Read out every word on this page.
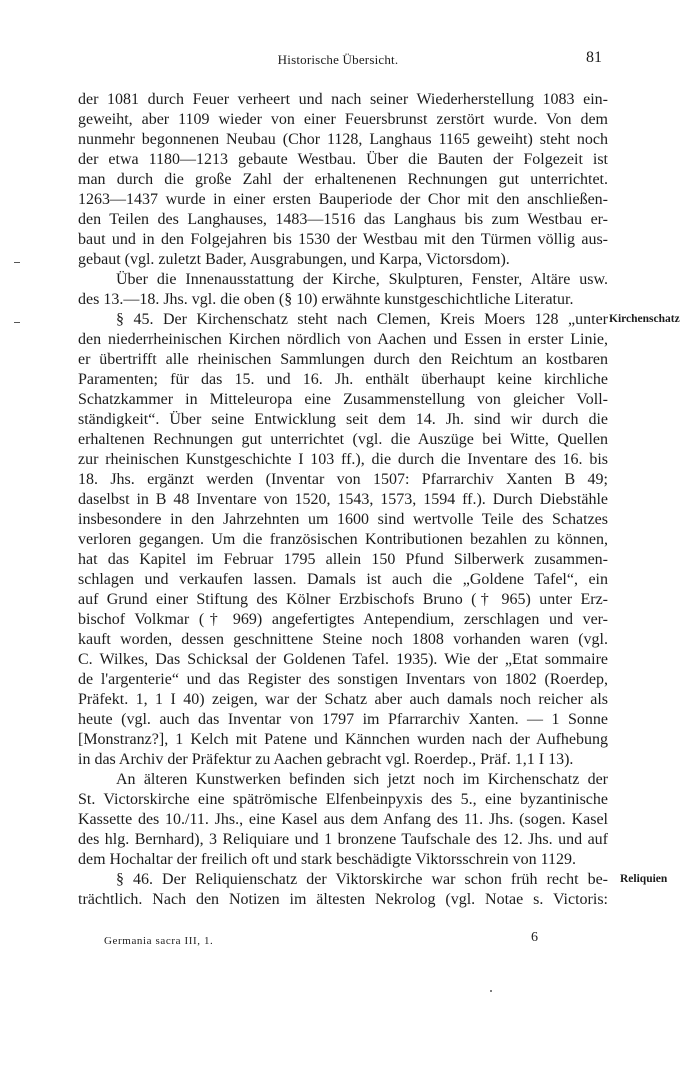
Historische Übersicht.	81
der 1081 durch Feuer verheert und nach seiner Wiederherstellung 1083 ein-
geweiht, aber 1109 wieder von einer Feuersbrunst zerstört wurde. Von dem
nunmehr begonnenen Neubau (Chor 1128, Langhaus 1165 geweiht) steht noch
der etwa 1180—1213 gebaute Westbau. Über die Bauten der Folgezeit ist
man durch die große Zahl der erhaltenenen Rechnungen gut unterrichtet.
1263—1437 wurde in einer ersten Bauperiode der Chor mit den anschließen-
den Teilen des Langhauses, 1483—1516 das Langhaus bis zum Westbau er-
baut und in den Folgejahren bis 1530 der Westbau mit den Türmen völlig aus-
gebaut (vgl. zuletzt Bader, Ausgrabungen, und Karpa, Victorsdom).
Über die Innenausstattung der Kirche, Skulpturen, Fenster, Altäre usw.
des 13.—18. Jhs. vgl. die oben (§ 10) erwähnte kunstgeschichtliche Literatur.
§ 45. Der Kirchenschatz steht nach Clemen, Kreis Moers 128 „unter
den niederrheinischen Kirchen nördlich von Aachen und Essen in erster Linie,
er übertrifft alle rheinischen Sammlungen durch den Reichtum an kostbaren
Paramenten; für das 15. und 16. Jh. enthält überhaupt keine kirchliche
Schatzkammer in Mitteleuropa eine Zusammenstellung von gleicher Voll-
ständigkeit“. Über seine Entwicklung seit dem 14. Jh. sind wir durch die
erhaltenen Rechnungen gut unterrichtet (vgl. die Auszüge bei Witte, Quellen
zur rheinischen Kunstgeschichte I 103 ff.), die durch die Inventare des 16. bis
18. Jhs. ergänzt werden (Inventar von 1507: Pfarrarchiv Xanten B 49;
daselbst in B 48 Inventare von 1520, 1543, 1573, 1594 ff.). Durch Diebstähle
insbesondere in den Jahrzehnten um 1600 sind wertvolle Teile des Schatzes
verloren gegangen. Um die französischen Kontributionen bezahlen zu können,
hat das Kapitel im Februar 1795 allein 150 Pfund Silberwerk zusammen-
schlagen und verkaufen lassen. Damals ist auch die „Goldene Tafel“, ein
auf Grund einer Stiftung des Kölner Erzbischofs Bruno († 965) unter Erz-
bischof Volkmar († 969) angefertigtes Antependium, zerschlagen und ver-
kauft worden, dessen geschnittene Steine noch 1808 vorhanden waren (vgl.
C. Wilkes, Das Schicksal der Goldenen Tafel. 1935). Wie der „Etat sommaire
de l'argenterie“ und das Register des sonstigen Inventars von 1802 (Roerdep,
Präfekt. 1, 1 I 40) zeigen, war der Schatz aber auch damals noch reicher als
heute (vgl. auch das Inventar von 1797 im Pfarrarchiv Xanten. — 1 Sonne
[Monstranz?], 1 Kelch mit Patene und Kännchen wurden nach der Aufhebung
in das Archiv der Präfektur zu Aachen gebracht vgl. Roerdep., Präf. 1,1 I 13).
An älteren Kunstwerken befinden sich jetzt noch im Kirchenschatz der
St. Victorskirche eine spätrömische Elfenbeinpyxis des 5., eine byzantinische
Kassette des 10./11. Jhs., eine Kasel aus dem Anfang des 11. Jhs. (sogen. Kasel
des hlg. Bernhard), 3 Reliquiare und 1 bronzene Taufschale des 12. Jhs. und auf
dem Hochaltar der freilich oft und stark beschädigte Viktorsschrein von 1129.
§ 46. Der Reliquienschatz der Viktorskirche war schon früh recht be-
trächtlich. Nach den Notizen im ältesten Nekrolog (vgl. Notae s. Victoris:
Kirchenschatz
Reliquien
Germania sacra III, 1.	6
